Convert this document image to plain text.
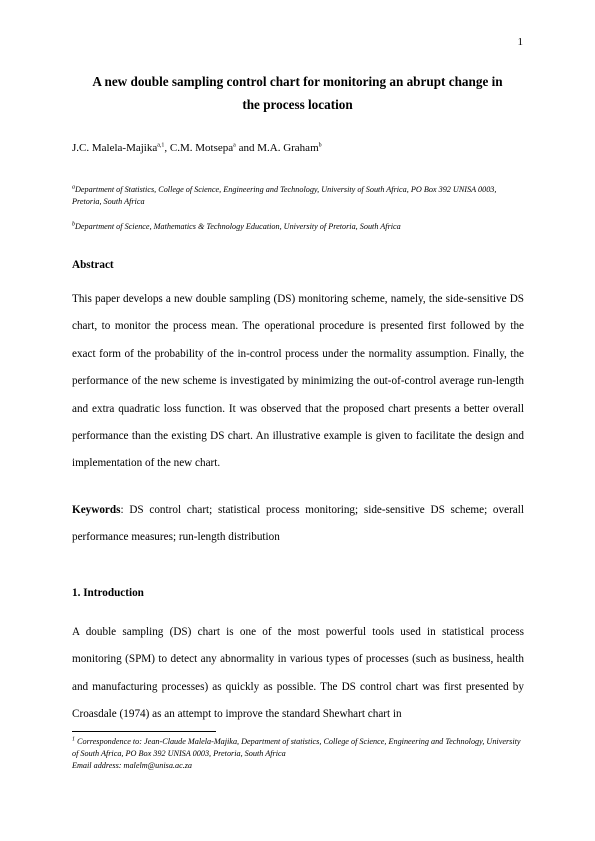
1
A new double sampling control chart for monitoring an abrupt change in
the process location
J.C. Malela-Majika$^{a,1}$, C.M. Motsepa$^a$ and M.A. Graham$^b$
$^a$Department of Statistics, College of Science, Engineering and Technology, University of South Africa, PO Box 392 UNISA 0003, Pretoria, South Africa
$^b$Department of Science, Mathematics & Technology Education, University of Pretoria, South Africa
Abstract

This paper develops a new double sampling (DS) monitoring scheme, namely, the side-sensitive DS chart, to monitor the process mean. The operational procedure is presented first followed by the exact form of the probability of the in-control process under the normality assumption. Finally, the performance of the new scheme is investigated by minimizing the out-of-control average run-length and extra quadratic loss function. It was observed that the proposed chart presents a better overall performance than the existing DS chart. An illustrative example is given to facilitate the design and implementation of the new chart.

Keywords: DS control chart; statistical process monitoring; side-sensitive DS scheme; overall performance measures; run-length distribution

1. Introduction

A double sampling (DS) chart is one of the most powerful tools used in statistical process monitoring (SPM) to detect any abnormality in various types of processes (such as business, health and manufacturing processes) as quickly as possible. The DS control chart was first presented by Croasdale (1974) as an attempt to improve the standard Shewhart chart in

$^1$ Correspondence to: Jean-Claude Malela-Majika, Department of statistics, College of Science, Engineering and Technology, University of South Africa, PO Box 392 UNISA 0003, Pretoria, South Africa

Email address: malelm@unisa.ac.za
